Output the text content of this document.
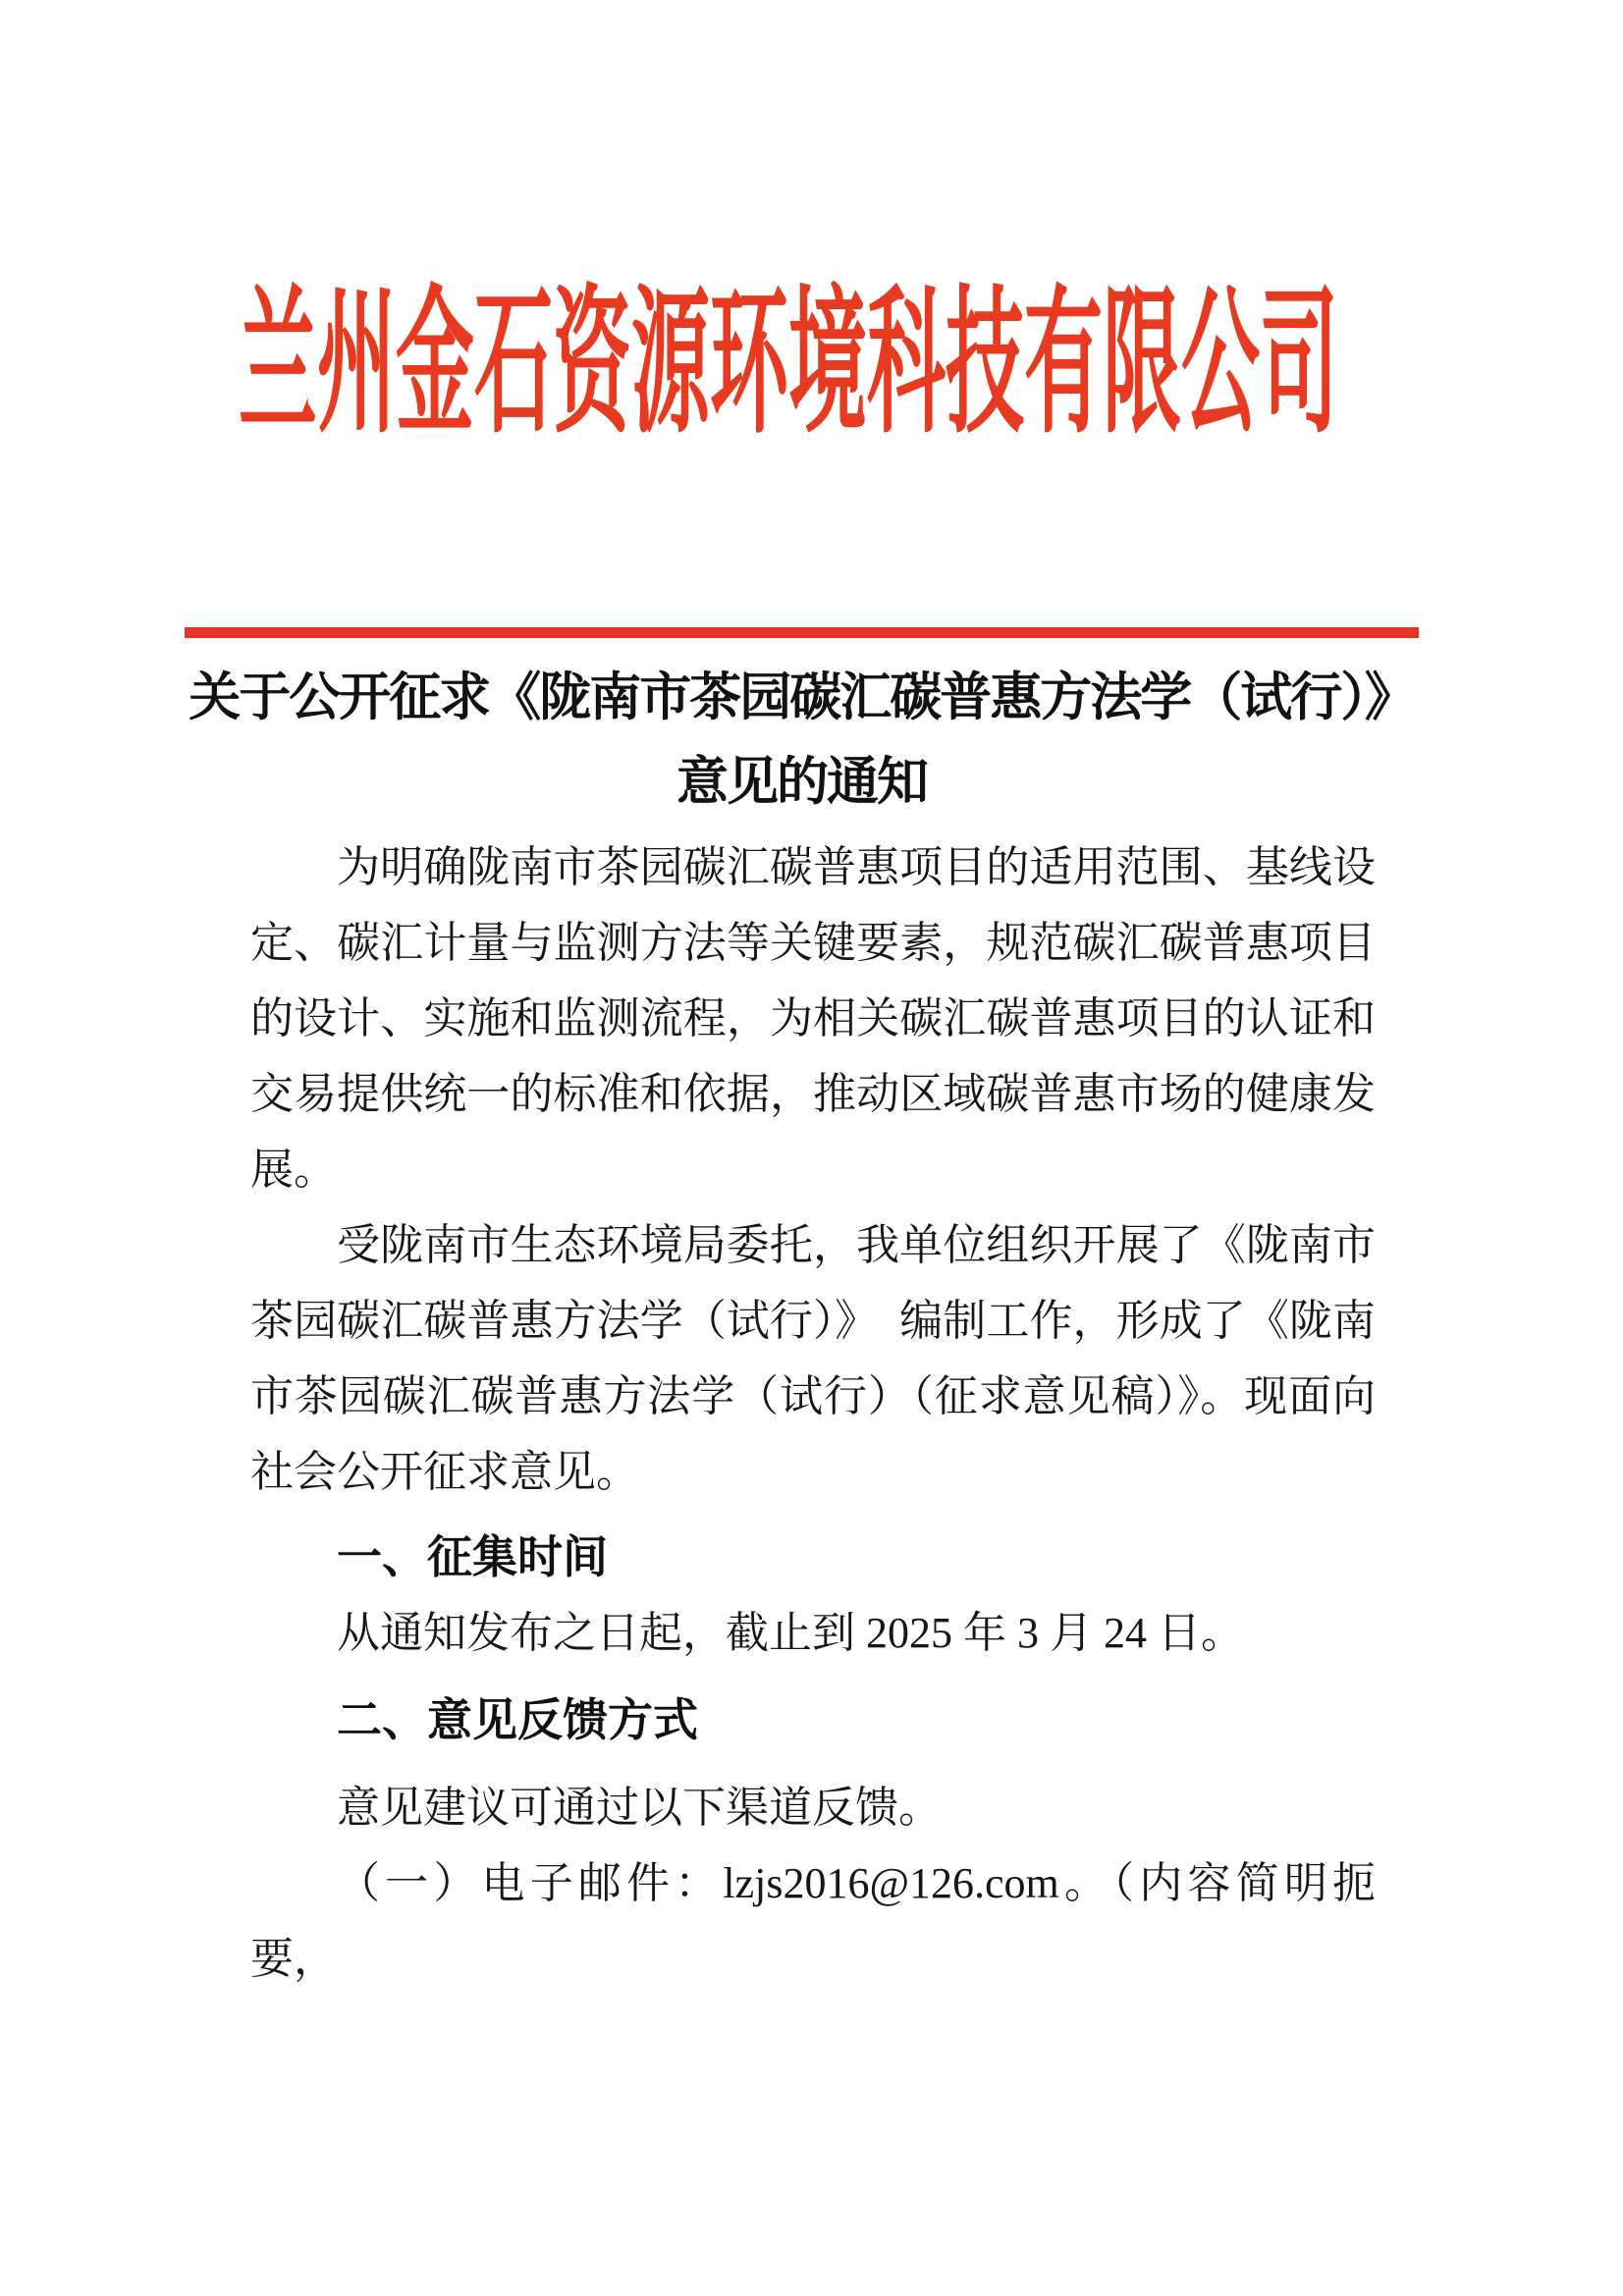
兰州金石资源环境科技有限公司
关于公开征求《陇南市茶园碳汇碳普惠方法学（试行）》
意见的通知

为明确陇南市茶园碳汇碳普惠项目的适用范围、基线设定、碳汇计量与监测方法等关键要素，规范碳汇碳普惠项目的设计、实施和监测流程，为相关碳汇碳普惠项目的认证和交易提供统一的标准和依据，推动区域碳普惠市场的健康发展。

受陇南市生态环境局委托，我单位组织开展了《陇南市茶园碳汇碳普惠方法学（试行）》　编制工作，形成了《陇南市茶园碳汇碳普惠方法学（试行）（征求意见稿）》。现面向社会公开征求意见。

一、征集时间

从通知发布之日起，截止到 2025 年 3 月 24 日。

二、意见反馈方式

意见建议可通过以下渠道反馈。

（一）电子邮件：lzjs2016@126.com。（内容简明扼要，
